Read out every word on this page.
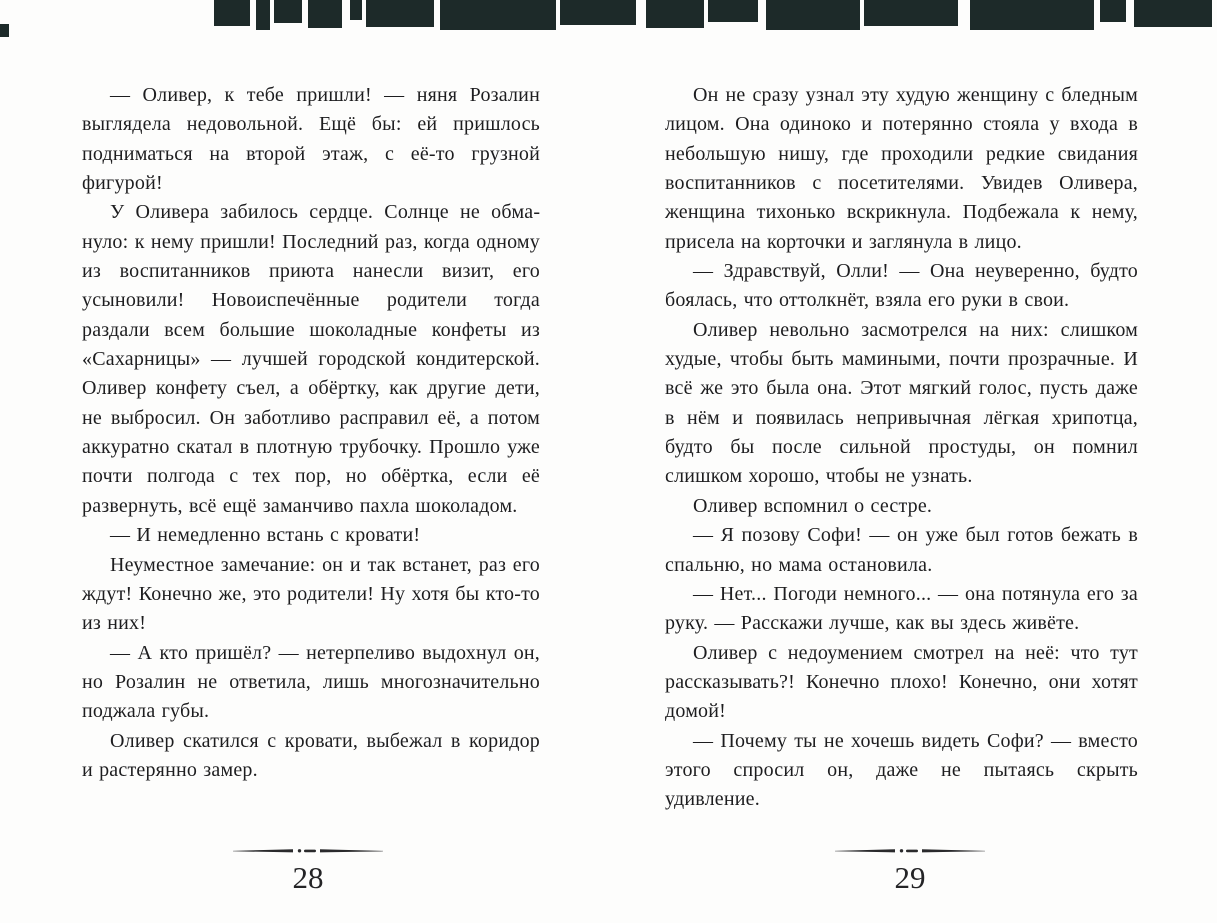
— Оливер, к тебе пришли! — няня Розалин выглядела недовольной. Ещё бы: ей пришлось подниматься на второй этаж, с её-то грузной фигурой!

У Оливера забилось сердце. Солнце не обмануло: к нему пришли! Последний раз, когда одному из воспитанников приюта нанесли визит, его усыновили! Новоиспечённые родители тогда раздали всем большие шоколадные конфеты из «Сахарницы» — лучшей городской кондитерской. Оливер конфету съел, а обёртку, как другие дети, не выбросил. Он заботливо расправил её, а потом аккуратно скатал в плотную трубочку. Прошло уже почти полгода с тех пор, но обёртка, если её развернуть, всё ещё заманчиво пахла шоколадом.

— И немедленно встань с кровати!

Неуместное замечание: он и так встанет, раз его ждут! Конечно же, это родители! Ну хотя бы кто-то из них!

— А кто пришёл? — нетерпеливо выдохнул он, но Розалин не ответила, лишь многозначительно поджала губы.

Оливер скатился с кровати, выбежал в коридор и растерянно замер.

Он не сразу узнал эту худую женщину с бледным лицом. Она одиноко и потерянно стояла у входа в небольшую нишу, где проходили редкие свидания воспитанников с посетителями. Увидев Оливера, женщина тихонько вскрикнула. Подбежала к нему, присела на корточки и заглянула в лицо.

— Здравствуй, Олли! — Она неуверенно, будто боялась, что оттолкнёт, взяла его руки в свои.

Оливер невольно засмотрелся на них: слишком худые, чтобы быть мамиными, почти прозрачные. И всё же это была она. Этот мягкий голос, пусть даже в нём и появилась непривычная лёгкая хрипотца, будто бы после сильной простуды, он помнил слишком хорошо, чтобы не узнать.

Оливер вспомнил о сестре.

— Я позову Софи! — он уже был готов бежать в спальню, но мама остановила.

— Нет... Погоди немного... — она потянула его за руку. — Расскажи лучше, как вы здесь живёте.

Оливер с недоумением смотрел на неё: что тут рассказывать?! Конечно плохо! Конечно, они хотят домой!

— Почему ты не хочешь видеть Софи? — вместо этого спросил он, даже не пытаясь скрыть удивление.

28	29
